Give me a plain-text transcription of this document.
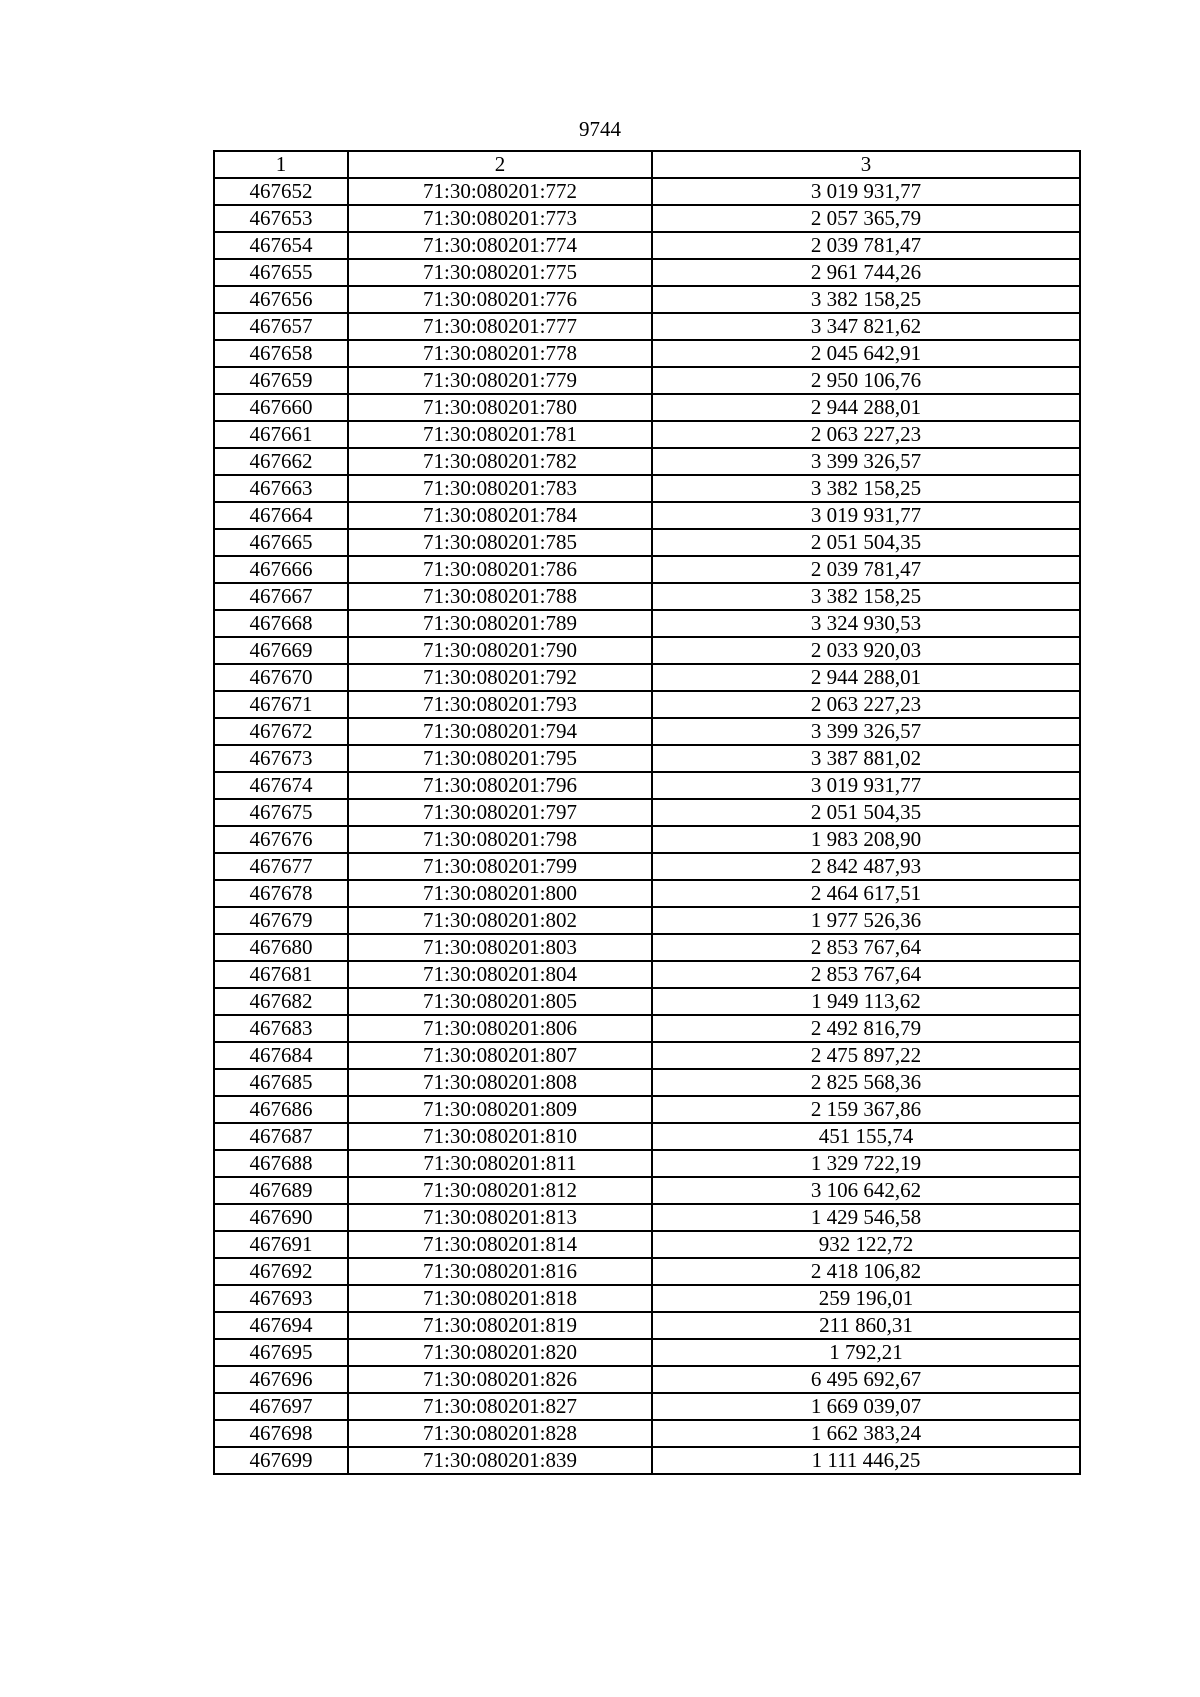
9744
1	2	3
467652	71:30:080201:772	3 019 931,77
467653	71:30:080201:773	2 057 365,79
467654	71:30:080201:774	2 039 781,47
467655	71:30:080201:775	2 961 744,26
467656	71:30:080201:776	3 382 158,25
467657	71:30:080201:777	3 347 821,62
467658	71:30:080201:778	2 045 642,91
467659	71:30:080201:779	2 950 106,76
467660	71:30:080201:780	2 944 288,01
467661	71:30:080201:781	2 063 227,23
467662	71:30:080201:782	3 399 326,57
467663	71:30:080201:783	3 382 158,25
467664	71:30:080201:784	3 019 931,77
467665	71:30:080201:785	2 051 504,35
467666	71:30:080201:786	2 039 781,47
467667	71:30:080201:788	3 382 158,25
467668	71:30:080201:789	3 324 930,53
467669	71:30:080201:790	2 033 920,03
467670	71:30:080201:792	2 944 288,01
467671	71:30:080201:793	2 063 227,23
467672	71:30:080201:794	3 399 326,57
467673	71:30:080201:795	3 387 881,02
467674	71:30:080201:796	3 019 931,77
467675	71:30:080201:797	2 051 504,35
467676	71:30:080201:798	1 983 208,90
467677	71:30:080201:799	2 842 487,93
467678	71:30:080201:800	2 464 617,51
467679	71:30:080201:802	1 977 526,36
467680	71:30:080201:803	2 853 767,64
467681	71:30:080201:804	2 853 767,64
467682	71:30:080201:805	1 949 113,62
467683	71:30:080201:806	2 492 816,79
467684	71:30:080201:807	2 475 897,22
467685	71:30:080201:808	2 825 568,36
467686	71:30:080201:809	2 159 367,86
467687	71:30:080201:810	451 155,74
467688	71:30:080201:811	1 329 722,19
467689	71:30:080201:812	3 106 642,62
467690	71:30:080201:813	1 429 546,58
467691	71:30:080201:814	932 122,72
467692	71:30:080201:816	2 418 106,82
467693	71:30:080201:818	259 196,01
467694	71:30:080201:819	211 860,31
467695	71:30:080201:820	1 792,21
467696	71:30:080201:826	6 495 692,67
467697	71:30:080201:827	1 669 039,07
467698	71:30:080201:828	1 662 383,24
467699	71:30:080201:839	1 111 446,25
